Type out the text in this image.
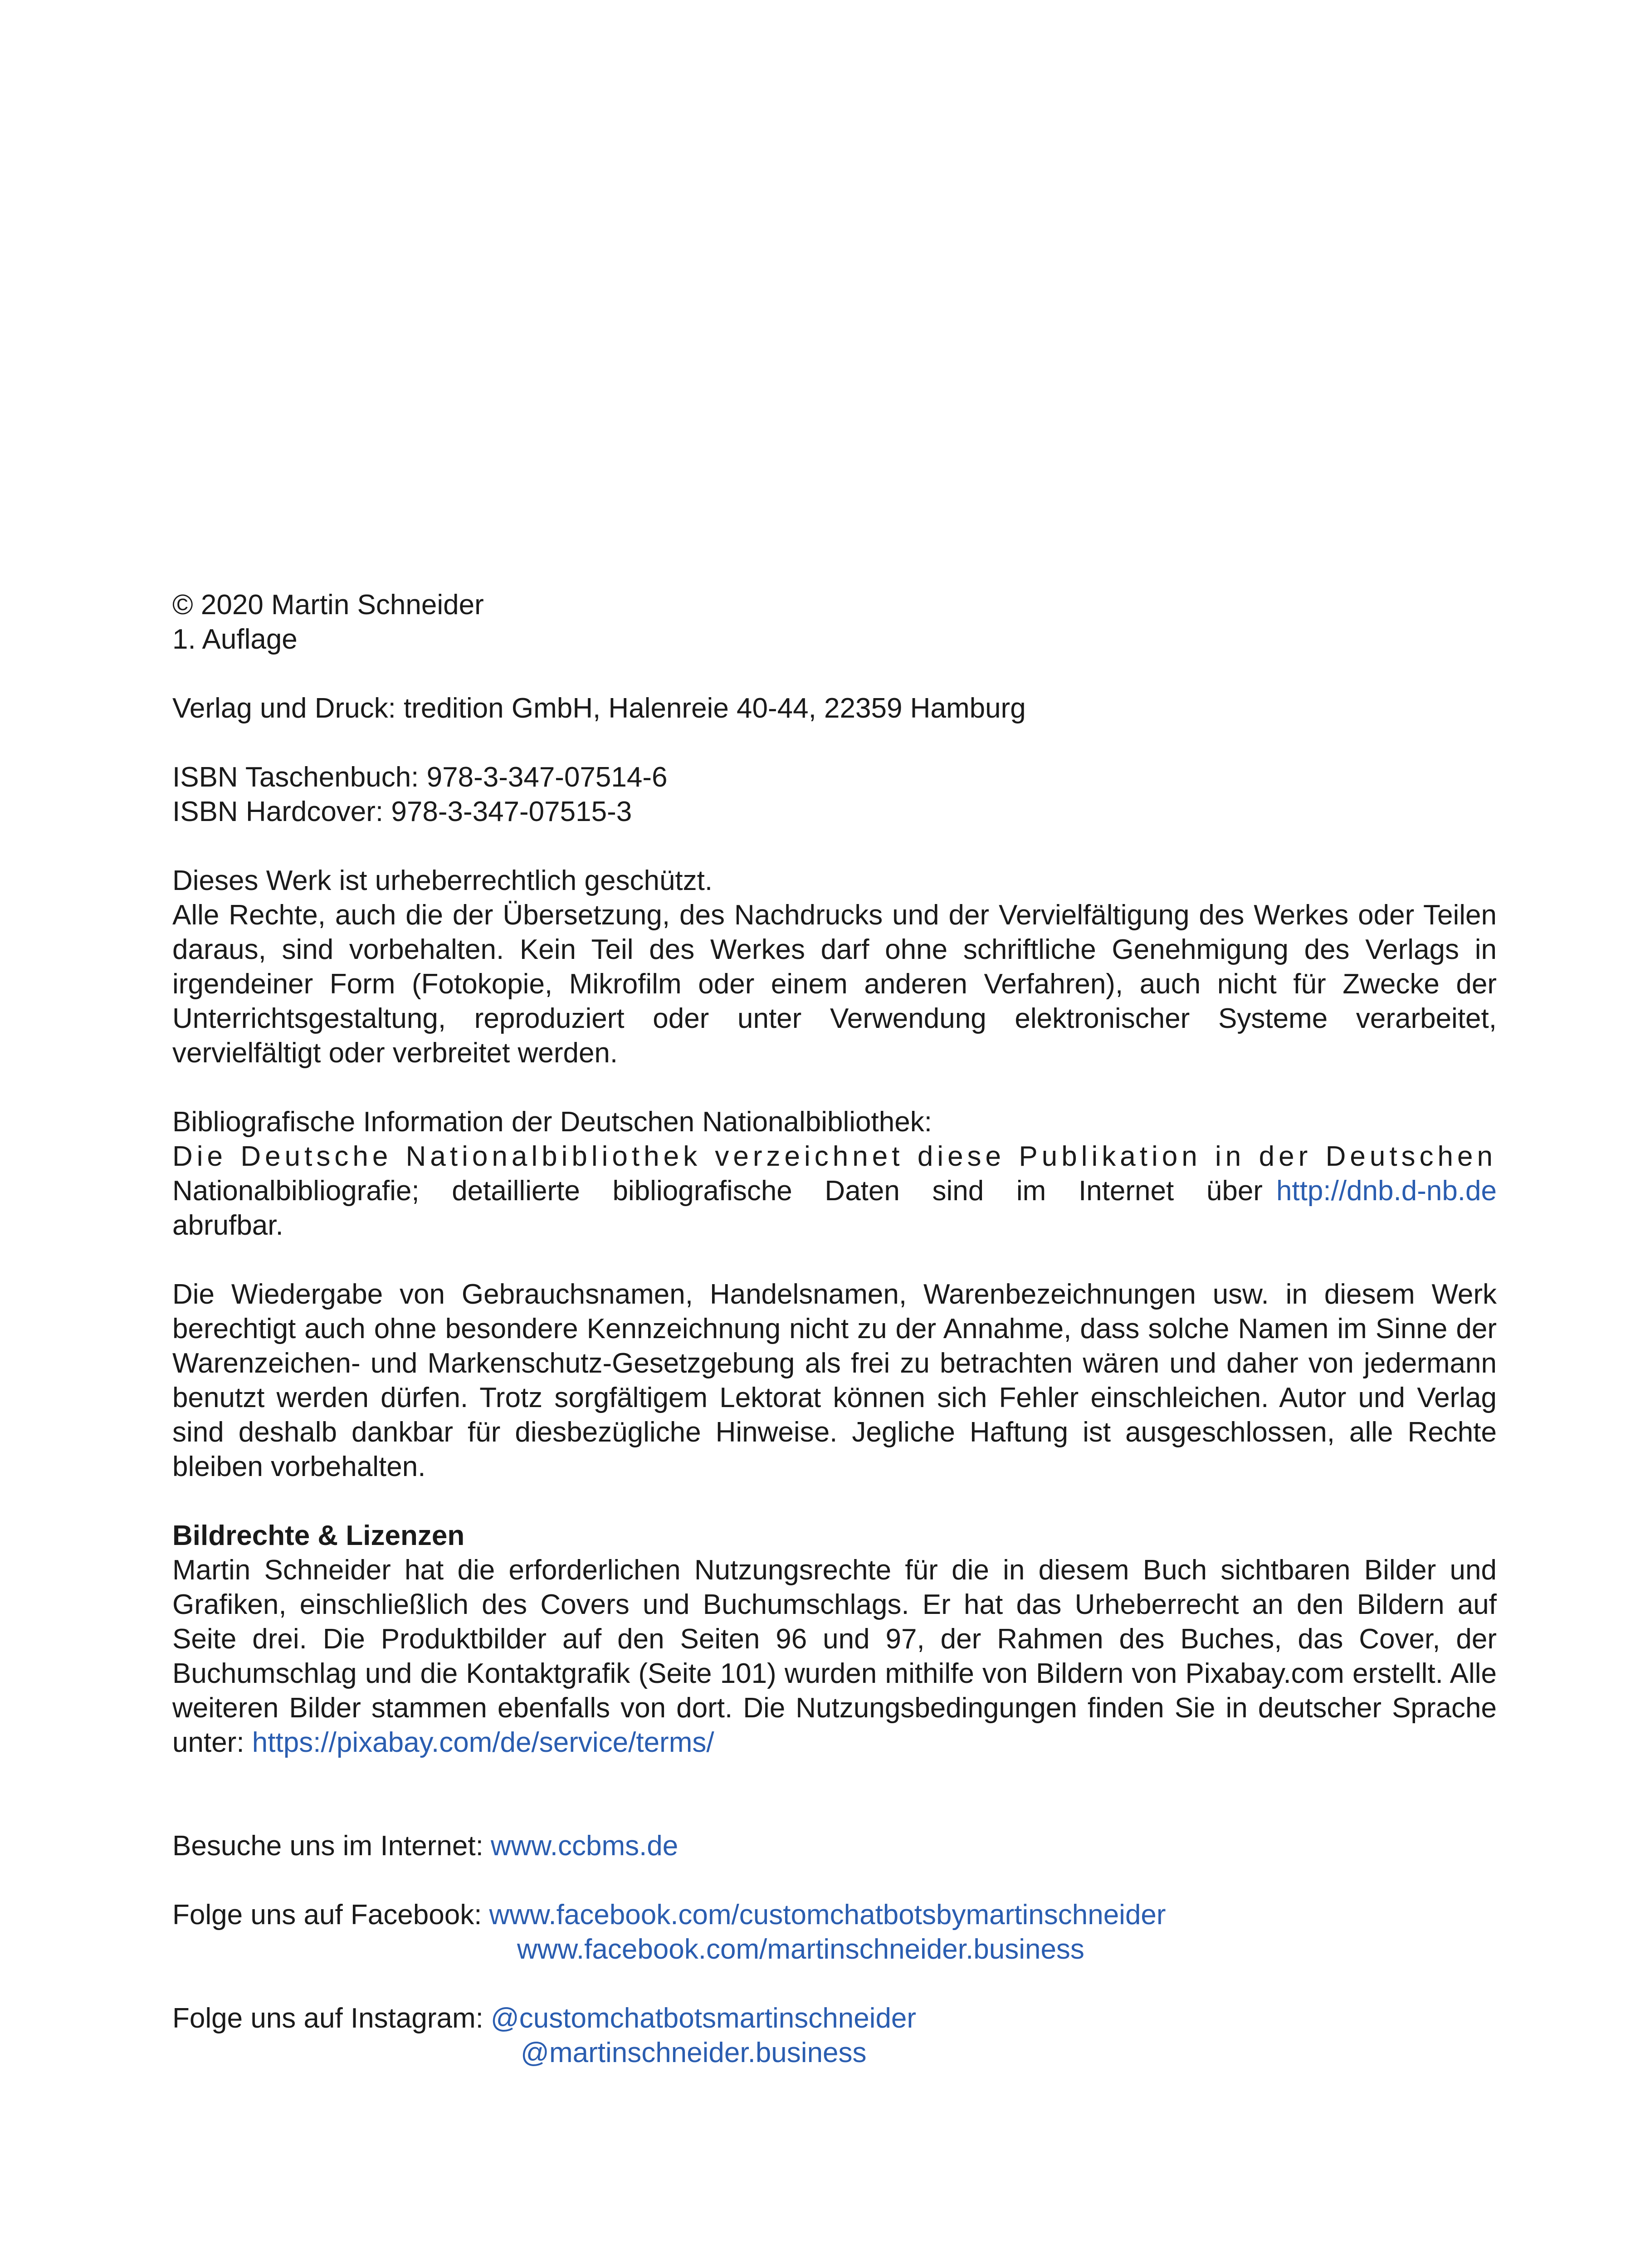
© 2020 Martin Schneider
1. Auflage
Verlag und Druck: tredition GmbH, Halenreie 40-44, 22359 Hamburg
ISBN Taschenbuch: 978-3-347-07514-6
ISBN Hardcover: 978-3-347-07515-3
Dieses Werk ist urheberrechtlich geschützt.

Alle Rechte, auch die der Übersetzung, des Nachdrucks und der Vervielfältigung des Werkes oder Teilen daraus, sind vorbehalten. Kein Teil des Werkes darf ohne schriftliche Genehmigung des Verlags in irgendeiner Form (Fotokopie, Mikrofilm oder einem anderen Verfahren), auch nicht für Zwecke der Unterrichtsgestaltung, reproduziert oder unter Verwendung elektronischer Systeme verarbeitet, vervielfältigt oder verbreitet werden.

Bibliografische Information der Deutschen Nationalbibliothek:
Die Deutsche Nationalbibliothek verzeichnet diese Publikation in der Deutschen
Nationalbibliografie; detaillierte bibliografische Daten sind im Internet über http://dnb.d-nb.de
abrufbar.

Die Wiedergabe von Gebrauchsnamen, Handelsnamen, Warenbezeichnungen usw. in diesem Werk berechtigt auch ohne besondere Kennzeichnung nicht zu der Annahme, dass solche Namen im Sinne der Warenzeichen- und Markenschutz-Gesetzgebung als frei zu betrachten wären und daher von jedermann benutzt werden dürfen. Trotz sorgfältigem Lektorat können sich Fehler einschleichen. Autor und Verlag sind deshalb dankbar für diesbezügliche Hinweise. Jegliche Haftung ist ausgeschlossen, alle Rechte bleiben vorbehalten.

Bildrechte & Lizenzen

Martin Schneider hat die erforderlichen Nutzungsrechte für die in diesem Buch sichtbaren Bilder und Grafiken, einschließlich des Covers und Buchumschlags. Er hat das Urheberrecht an den Bildern auf Seite drei. Die Produktbilder auf den Seiten 96 und 97, der Rahmen des Buches, das Cover, der Buchumschlag und die Kontaktgrafik (Seite 101) wurden mithilfe von Bildern von Pixabay.com erstellt. Alle weiteren Bilder stammen ebenfalls von dort. Die Nutzungsbedingungen finden Sie in deutscher Sprache unter: https://pixabay.com/de/service/terms/

Besuche uns im Internet: www.ccbms.de
Folge uns auf Facebook: www.facebook.com/customchatbotsbymartinschneider
www.facebook.com/martinschneider.business
Folge uns auf Instagram: @customchatbotsmartinschneider
@martinschneider.business
